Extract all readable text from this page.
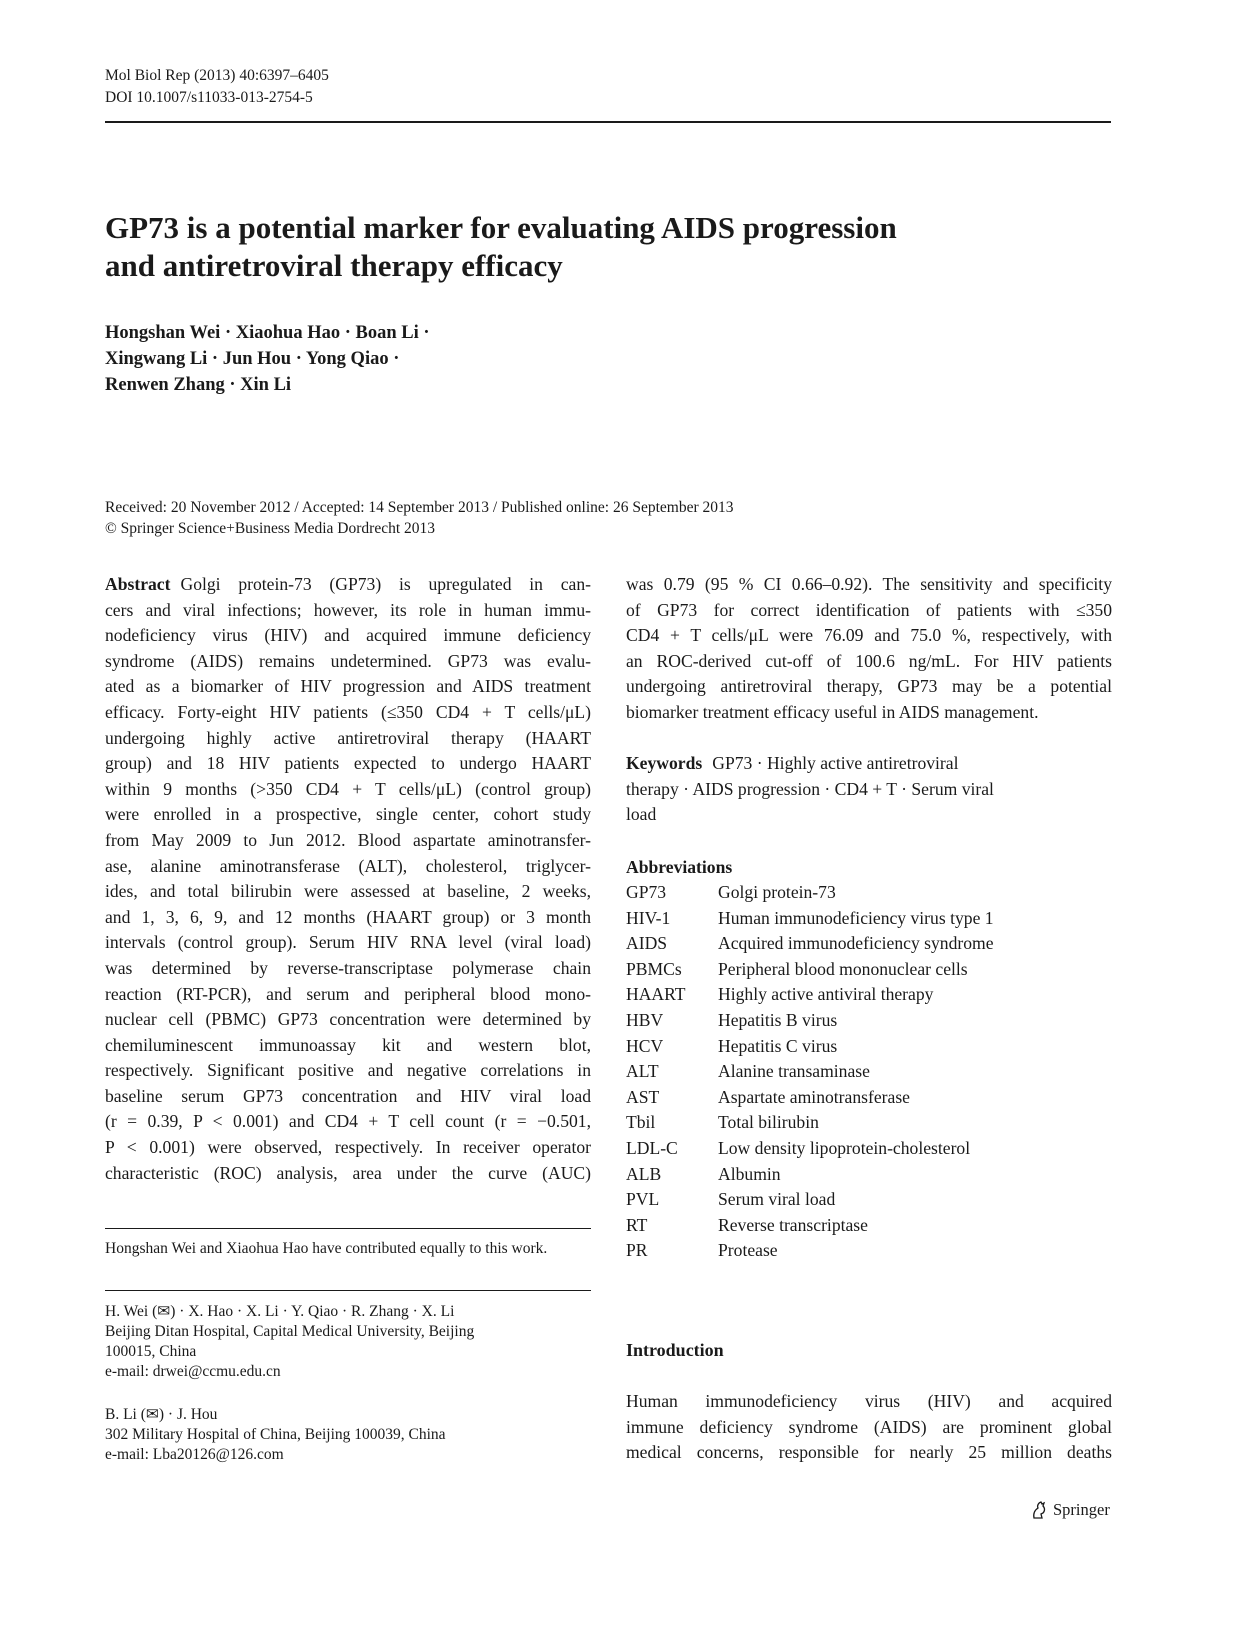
Mol Biol Rep (2013) 40:6397–6405
DOI 10.1007/s11033-013-2754-5
GP73 is a potential marker for evaluating AIDS progression
and antiretroviral therapy efficacy
Hongshan Wei · Xiaohua Hao · Boan Li ·
Xingwang Li · Jun Hou · Yong Qiao ·
Renwen Zhang · Xin Li
Received: 20 November 2012 / Accepted: 14 September 2013 / Published online: 26 September 2013
© Springer Science+Business Media Dordrecht 2013
Abstract Golgi protein-73 (GP73) is upregulated in can-
cers and viral infections; however, its role in human immu-
nodeficiency virus (HIV) and acquired immune deficiency
syndrome (AIDS) remains undetermined. GP73 was evalu-
ated as a biomarker of HIV progression and AIDS treatment
efficacy. Forty-eight HIV patients (≤350 CD4 + T cells/μL)
undergoing highly active antiretroviral therapy (HAART
group) and 18 HIV patients expected to undergo HAART
within 9 months (>350 CD4 + T cells/μL) (control group)
were enrolled in a prospective, single center, cohort study
from May 2009 to Jun 2012. Blood aspartate aminotransfer-
ase, alanine aminotransferase (ALT), cholesterol, triglycer-
ides, and total bilirubin were assessed at baseline, 2 weeks,
and 1, 3, 6, 9, and 12 months (HAART group) or 3 month
intervals (control group). Serum HIV RNA level (viral load)
was determined by reverse-transcriptase polymerase chain
reaction (RT-PCR), and serum and peripheral blood mono-
nuclear cell (PBMC) GP73 concentration were determined by
chemiluminescent immunoassay kit and western blot,
respectively. Significant positive and negative correlations in
baseline serum GP73 concentration and HIV viral load
(r = 0.39, P < 0.001) and CD4 + T cell count (r = −0.501,
P < 0.001) were observed, respectively. In receiver operator
characteristic (ROC) analysis, area under the curve (AUC)
Hongshan Wei and Xiaohua Hao have contributed equally to this work.
H. Wei (✉) · X. Hao · X. Li · Y. Qiao · R. Zhang · X. Li
Beijing Ditan Hospital, Capital Medical University, Beijing
100015, China
e-mail: drwei@ccmu.edu.cn
B. Li (✉) · J. Hou
302 Military Hospital of China, Beijing 100039, China
e-mail: Lba20126@126.com
was 0.79 (95 % CI 0.66–0.92). The sensitivity and specificity
of GP73 for correct identification of patients with ≤350
CD4 + T cells/μL were 76.09 and 75.0 %, respectively, with
an ROC-derived cut-off of 100.6 ng/mL. For HIV patients
undergoing antiretroviral therapy, GP73 may be a potential
biomarker treatment efficacy useful in AIDS management.
Keywords GP73 · Highly active antiretroviral
therapy · AIDS progression · CD4 + T · Serum viral
load
Abbreviations
GP73	Golgi protein-73
HIV-1	Human immunodeficiency virus type 1
AIDS	Acquired immunodeficiency syndrome
PBMCs	Peripheral blood mononuclear cells
HAART	Highly active antiviral therapy
HBV	Hepatitis B virus
HCV	Hepatitis C virus
ALT	Alanine transaminase
AST	Aspartate aminotransferase
Tbil	Total bilirubin
LDL-C	Low density lipoprotein-cholesterol
ALB	Albumin
PVL	Serum viral load
RT	Reverse transcriptase
PR	Protease
Introduction
Human immunodeficiency virus (HIV) and acquired
immune deficiency syndrome (AIDS) are prominent global
medical concerns, responsible for nearly 25 million deaths
Springer
